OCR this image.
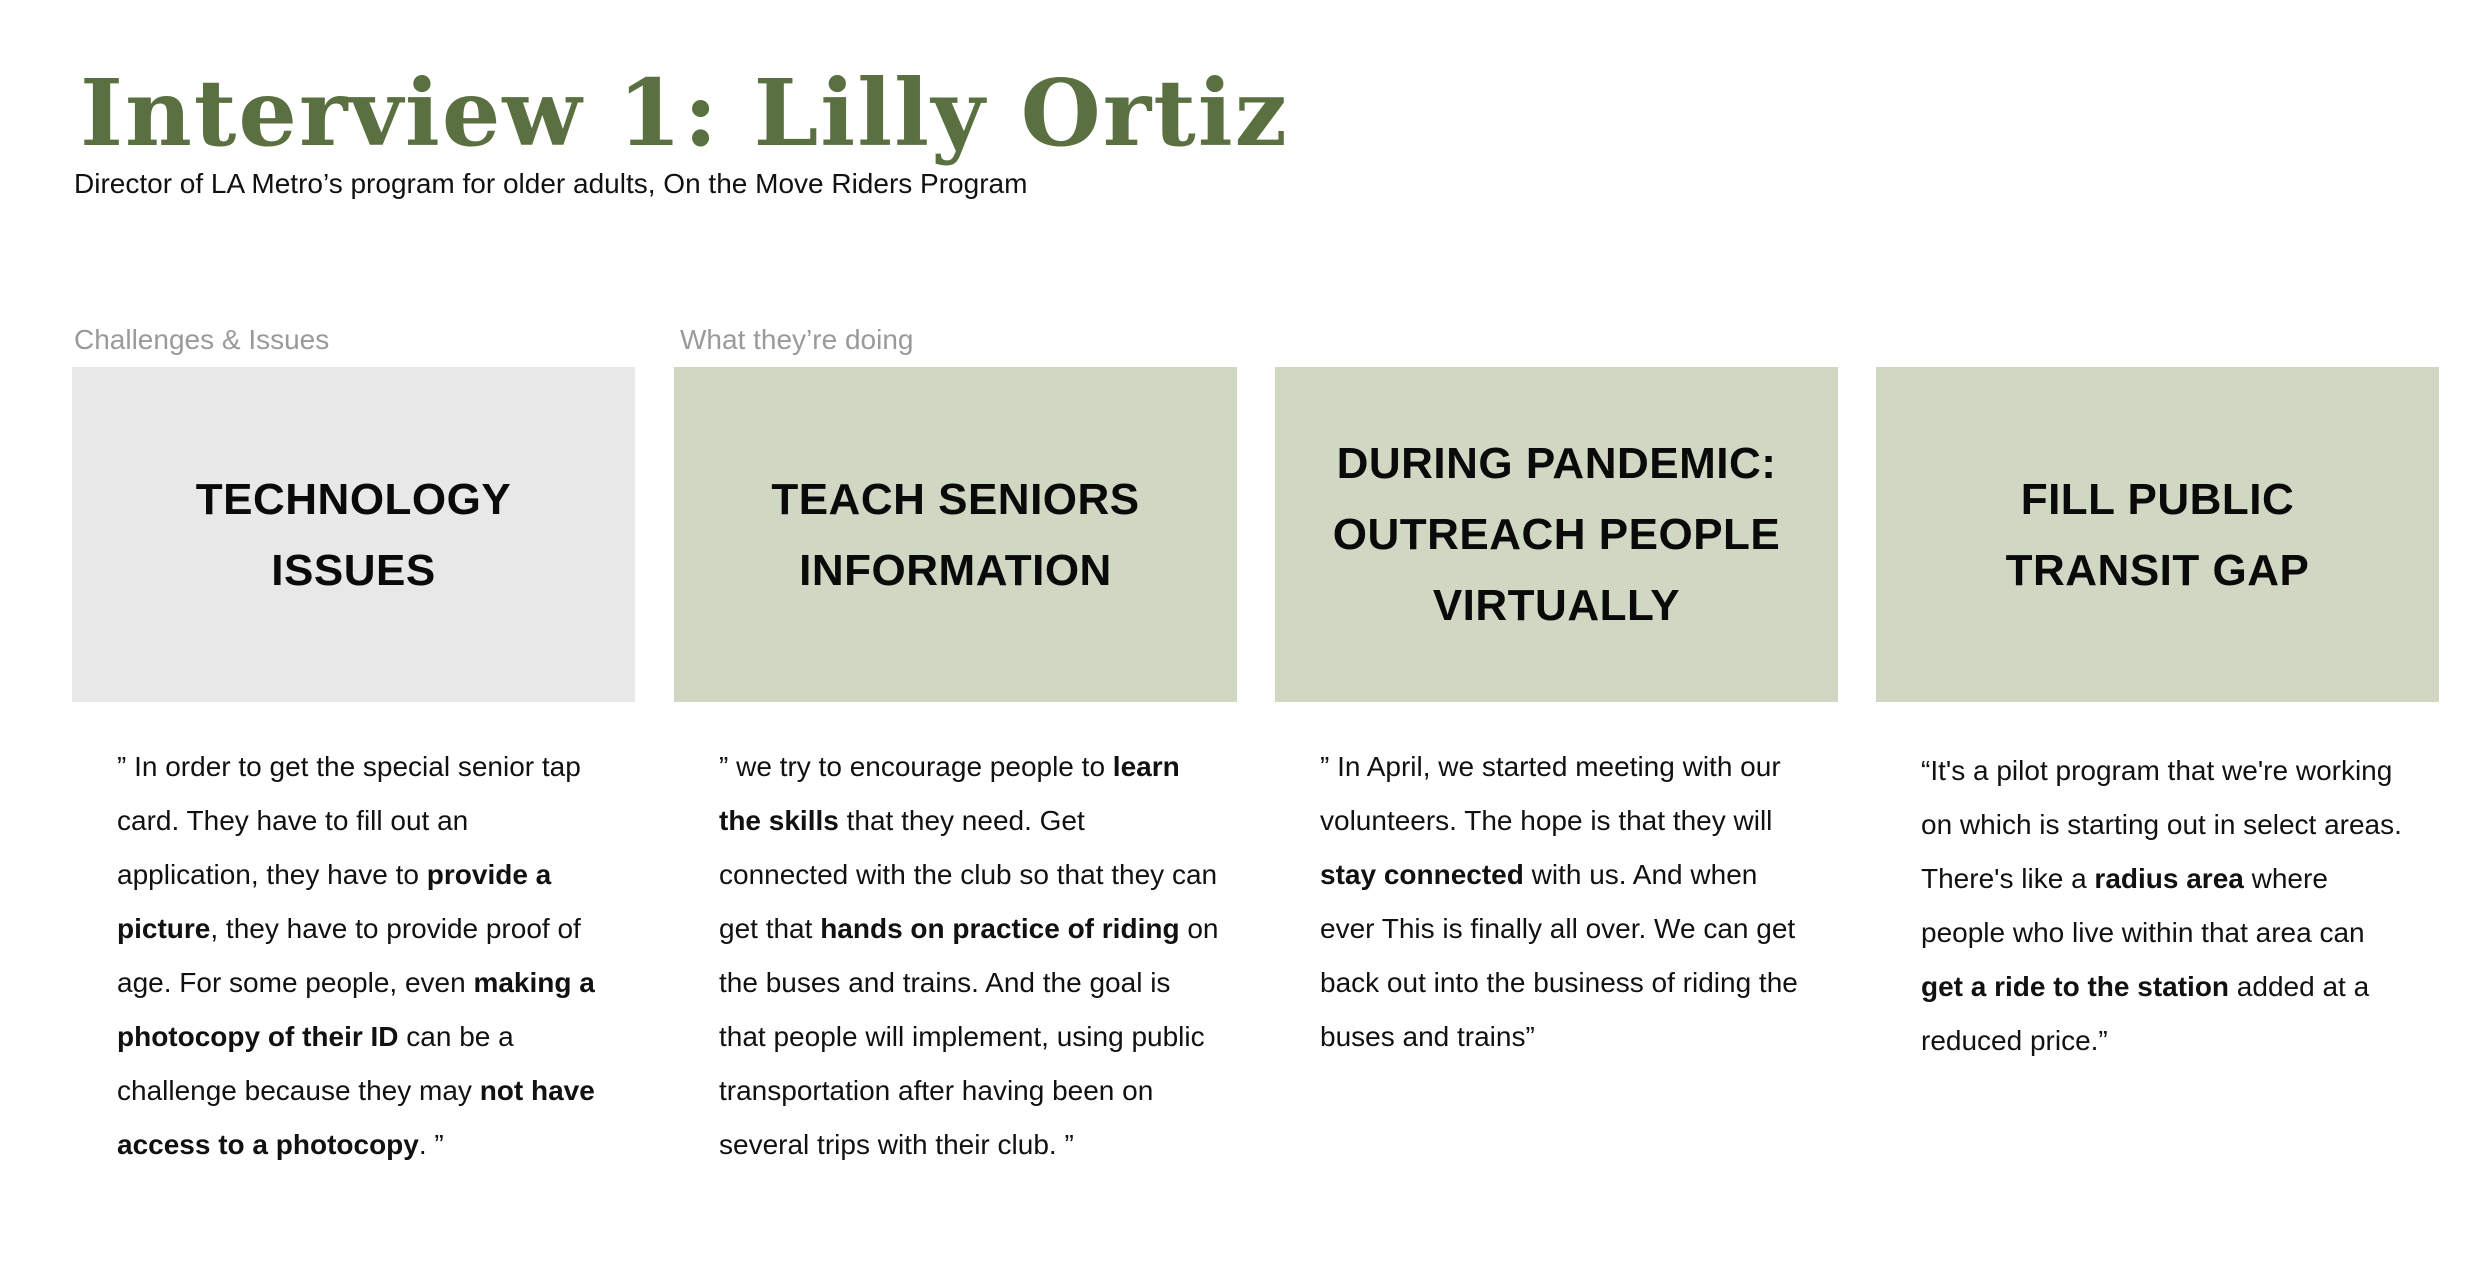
Interview 1: Lilly Ortiz
Director of LA Metro’s program for older adults, On the Move Riders Program
Challenges & Issues	What they’re doing
TECHNOLOGY
ISSUES
TEACH SENIORS
INFORMATION
DURING PANDEMIC:
OUTREACH PEOPLE
VIRTUALLY
FILL PUBLIC
TRANSIT GAP
” In order to get the special senior tap card. They have to fill out an application, they have to provide a picture, they have to provide proof of age. For some people, even making a photocopy of their ID can be a challenge because they may not have access to a photocopy. ”
” we try to encourage people to learn the skills that they need. Get connected with the club so that they can get that hands on practice of riding on the buses and trains. And the goal is that people will implement, using public transportation after having been on several trips with their club. ”
” In April, we started meeting with our volunteers. The hope is that they will stay connected with us. And when ever This is finally all over. We can get back out into the business of riding the buses and trains”
“It's a pilot program that we're working on which is starting out in select areas. There's like a radius area where people who live within that area can get a ride to the station added at a reduced price.”
